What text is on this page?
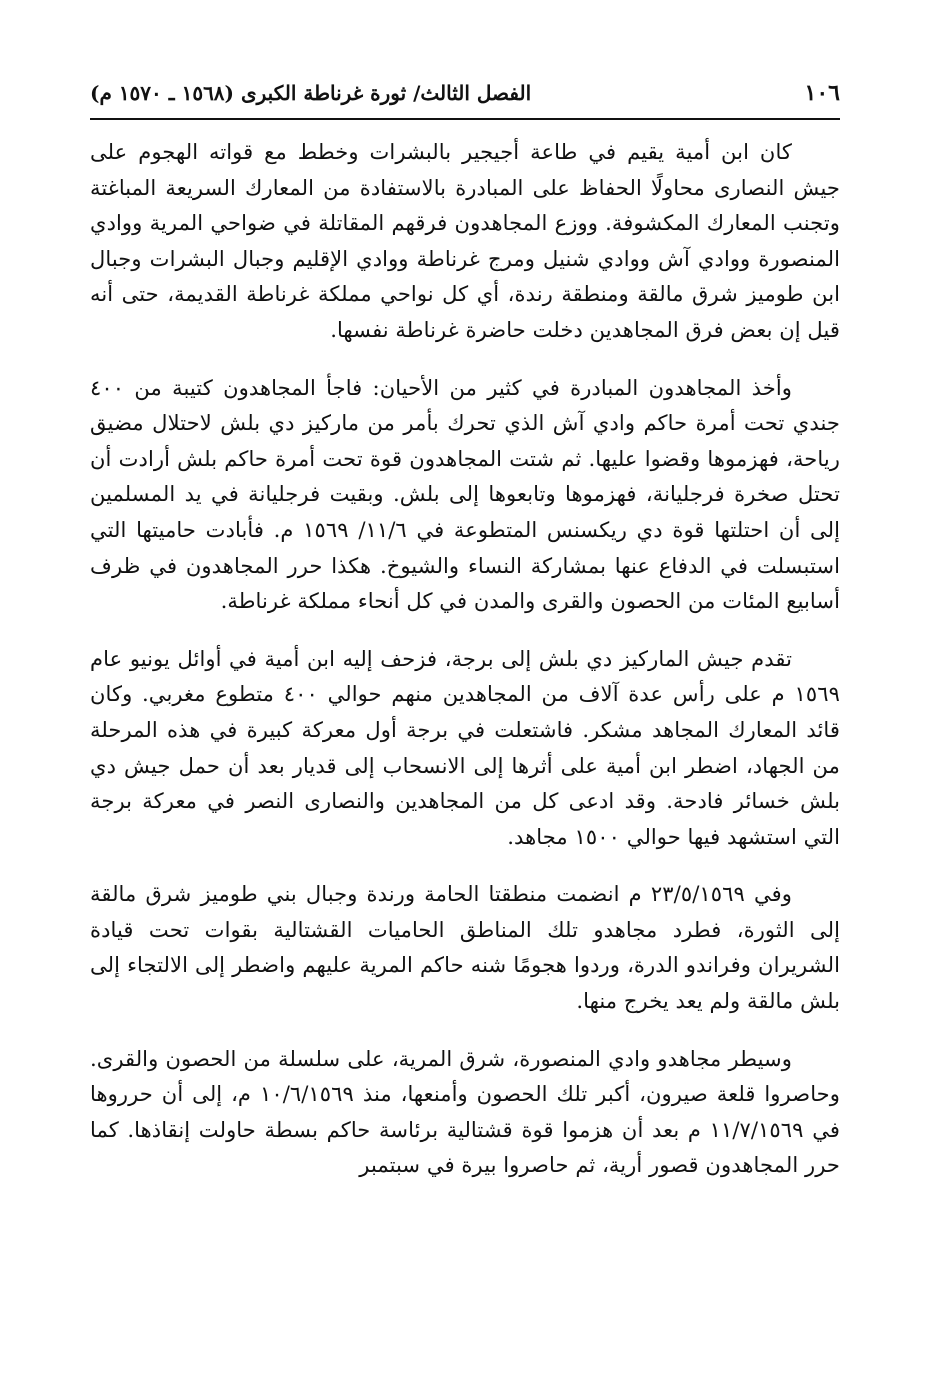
١٠٦
الفصل الثالث/ ثورة غرناطة الكبرى (١٥٦٨ ـ ١٥٧٠ م)

كان ابن أمية يقيم في طاعة أجيجير بالبشرات وخطط مع قواته الهجوم على جيش النصارى محاولًا الحفاظ على المبادرة بالاستفادة من المعارك السريعة المباغتة وتجنب المعارك المكشوفة. ووزع المجاهدون فرقهم المقاتلة في ضواحي المرية ووادي المنصورة ووادي آش ووادي شنيل ومرج غرناطة ووادي الإقليم وجبال البشرات وجبال ابن طوميز شرق مالقة ومنطقة رندة، أي كل نواحي مملكة غرناطة القديمة، حتى أنه قيل إن بعض فرق المجاهدين دخلت حاضرة غرناطة نفسها.

وأخذ المجاهدون المبادرة في كثير من الأحيان: فاجأ المجاهدون كتيبة من ٤٠٠ جندي تحت أمرة حاكم وادي آش الذي تحرك بأمر من ماركيز دي بلش لاحتلال مضيق رياحة، فهزموها وقضوا عليها. ثم شتت المجاهدون قوة تحت أمرة حاكم بلش أرادت أن تحتل صخرة فرجليانة، فهزموها وتابعوها إلى بلش. وبقيت فرجليانة في يد المسلمين إلى أن احتلتها قوة دي ريكسنس المتطوعة في ١١/٦/ ١٥٦٩ م. فأبادت حاميتها التي استبسلت في الدفاع عنها بمشاركة النساء والشيوخ. هكذا حرر المجاهدون في ظرف أسابيع المئات من الحصون والقرى والمدن في كل أنحاء مملكة غرناطة.

تقدم جيش الماركيز دي بلش إلى برجة، فزحف إليه ابن أمية في أوائل يونيو عام ١٥٦٩ م على رأس عدة آلاف من المجاهدين منهم حوالي ٤٠٠ متطوع مغربي. وكان قائد المعارك المجاهد مشكر. فاشتعلت في برجة أول معركة كبيرة في هذه المرحلة من الجهاد، اضطر ابن أمية على أثرها إلى الانسحاب إلى قديار بعد أن حمل جيش دي بلش خسائر فادحة. وقد ادعى كل من المجاهدين والنصارى النصر في معركة برجة التي استشهد فيها حوالي ١٥٠٠ مجاهد.

وفي ٢٣/٥/١٥٦٩ م انضمت منطقتا الحامة ورندة وجبال بني طوميز شرق مالقة إلى الثورة، فطرد مجاهدو تلك المناطق الحاميات القشتالية بقوات تحت قيادة الشريران وفراندو الدرة، وردوا هجومًا شنه حاكم المرية عليهم واضطر إلى الالتجاء إلى بلش مالقة ولم يعد يخرج منها.

وسيطر مجاهدو وادي المنصورة، شرق المرية، على سلسلة من الحصون والقرى. وحاصروا قلعة صيرون، أكبر تلك الحصون وأمنعها، منذ ١٠/٦/١٥٦٩ م، إلى أن حرروها في ١١/٧/١٥٦٩ م بعد أن هزموا قوة قشتالية برئاسة حاكم بسطة حاولت إنقاذها. كما حرر المجاهدون قصور أرية، ثم حاصروا بيرة في سبتمبر
